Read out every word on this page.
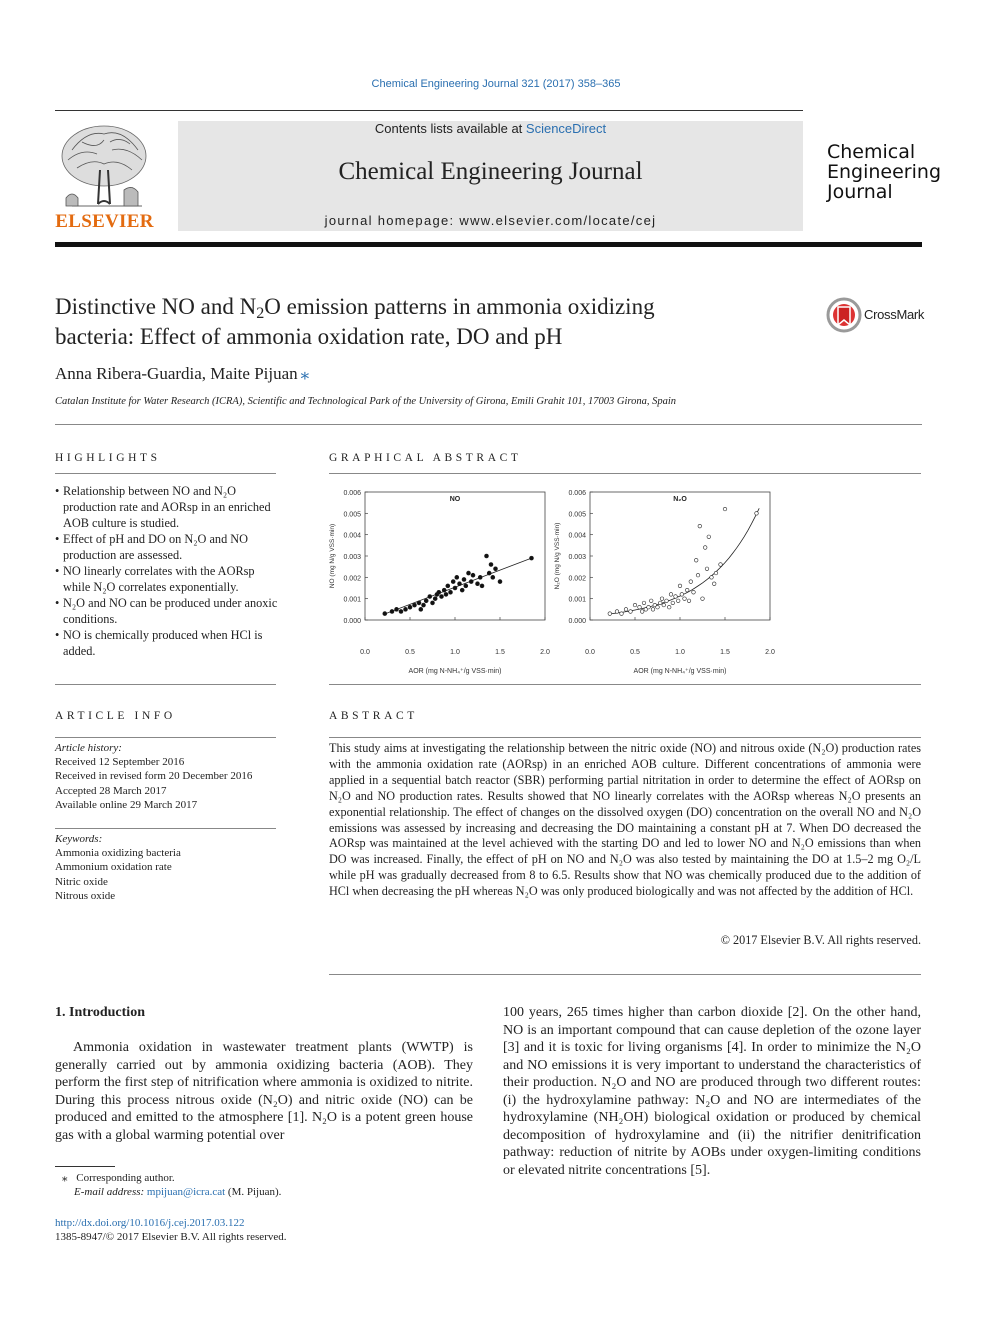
Chemical Engineering Journal 321 (2017) 358–365
ELSEVIER
Contents lists available at ScienceDirect
Chemical Engineering Journal
journal homepage: www.elsevier.com/locate/cej
Chemical
Engineering
Journal
Distinctive NO and $N_2O$ emission patterns in ammonia oxidizing
bacteria: Effect of ammonia oxidation rate, DO and pH
CrossMark
Anna Ribera-Guardia, Maite Pijuan ⁎
Catalan Institute for Water Research (ICRA), Scientific and Technological Park of the University of Girona, Emili Grahit 101, 17003 Girona, Spain
HIGHLIGHTS
• Relationship between NO and N₂O production rate and AORsp in an enriched AOB culture is studied.
• Effect of pH and DO on N₂O and NO production are assessed.
• NO linearly correlates with the AORsp while N₂O correlates exponentially.
• N₂O and NO can be produced under anoxic conditions.
• NO is chemically produced when HCl is added.
GRAPHICAL ABSTRACT
0.000
0.001
0.002
0.003
0.004
0.005
0.006
0.0	0.5	1.0	1.5	2.0
NO
AOR (mg N-NH₄⁺/g VSS·min)
NO (mg N/g VSS·min)
0.000
0.001
0.002
0.003
0.004
0.005
0.006
0.0	0.5	1.0	1.5	2.0
N₂O
AOR (mg N-NH₄⁺/g VSS·min)
N₂O (mg N/g VSS·min)
ARTICLE INFO
Article history:
Received 12 September 2016
Received in revised form 20 December 2016
Accepted 28 March 2017
Available online 29 March 2017
Keywords:
Ammonia oxidizing bacteria
Ammonium oxidation rate
Nitric oxide
Nitrous oxide
ABSTRACT
This study aims at investigating the relationship between the nitric oxide (NO) and nitrous oxide (N₂O) production rates with the ammonia oxidation rate (AORsp) in an enriched AOB culture. Different concentrations of ammonia were applied in a sequential batch reactor (SBR) performing partial nitritation in order to determine the effect of AORsp on N₂O and NO production rates. Results showed that NO linearly correlates with the AORsp whereas N₂O presents an exponential relationship. The effect of changes on the dissolved oxygen (DO) concentration on the overall NO and N₂O emissions was assessed by increasing and decreasing the DO maintaining a constant pH at 7. When DO decreased the AORsp was maintained at the level achieved with the starting DO and led to lower NO and N₂O emissions than when DO was increased. Finally, the effect of pH on NO and N₂O was also tested by maintaining the DO at 1.5–2 mg O₂/L while pH was gradually decreased from 8 to 6.5. Results show that NO was chemically produced due to the addition of HCl when decreasing the pH whereas N₂O was only produced biologically and was not affected by the addition of HCl.
© 2017 Elsevier B.V. All rights reserved.
1. Introduction
Ammonia oxidation in wastewater treatment plants (WWTP) is generally carried out by ammonia oxidizing bacteria (AOB). They perform the first step of nitrification where ammonia is oxidized to nitrite. During this process nitrous oxide (N₂O) and nitric oxide (NO) can be produced and emitted to the atmosphere [1]. N₂O is a potent green house gas with a global warming potential over
100 years, 265 times higher than carbon dioxide [2]. On the other hand, NO is an important compound that can cause depletion of the ozone layer [3] and it is toxic for living organisms [4]. In order to minimize the N₂O and NO emissions it is very important to understand the characteristics of their production. N₂O and NO are produced through two different routes: (i) the hydroxylamine pathway: N₂O and NO are intermediates of the hydroxylamine (NH₂OH) biological oxidation or produced by chemical decomposition of hydroxylamine and (ii) the nitrifier denitrification pathway: reduction of nitrite by AOBs under oxygen-limiting conditions or elevated nitrite concentrations [5].
⁎ Corresponding author.
E-mail address: mpijuan@icra.cat (M. Pijuan).
http://dx.doi.org/10.1016/j.cej.2017.03.122
1385-8947/© 2017 Elsevier B.V. All rights reserved.
